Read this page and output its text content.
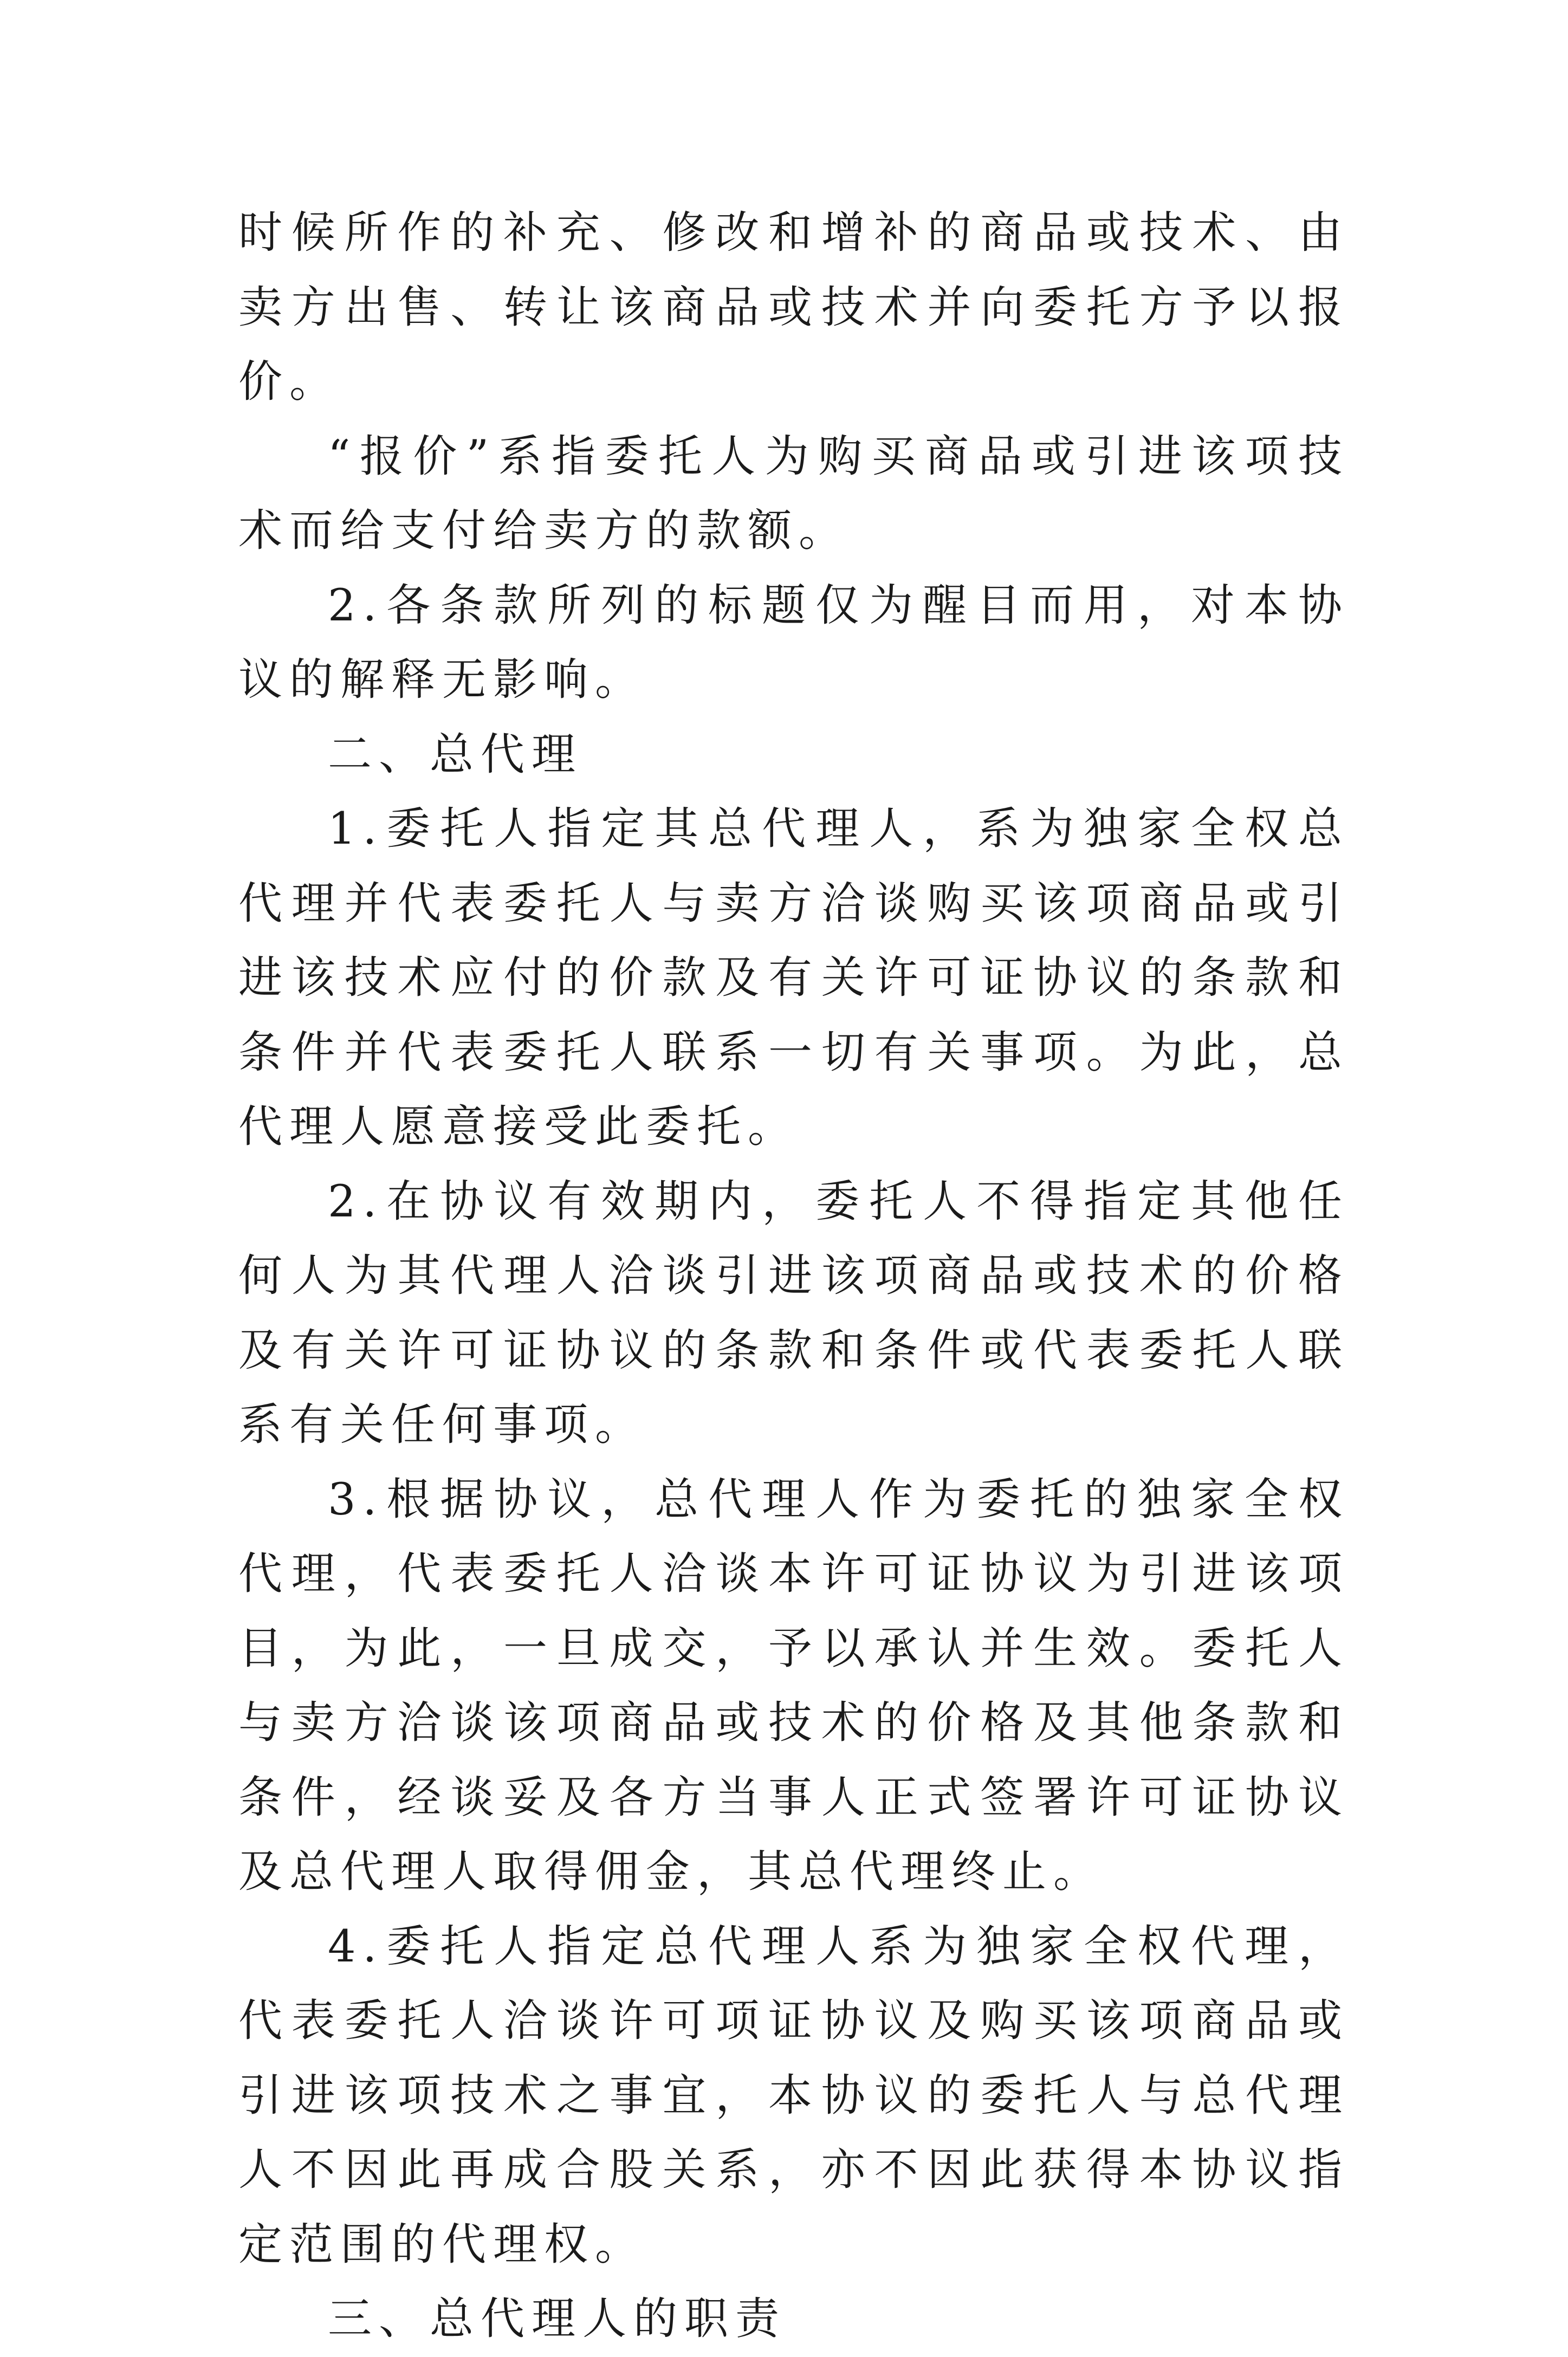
时候所作的补充、修改和增补的商品或技术、由卖方出售、转让该商品或技术并向委托方予以报价。

“报价”系指委托人为购买商品或引进该项技术而给支付给卖方的款额。

2.各条款所列的标题仅为醒目而用，对本协议的解释无影响。

二、总代理

1.委托人指定其总代理人，系为独家全权总代理并代表委托人与卖方洽谈购买该项商品或引进该技术应付的价款及有关许可证协议的条款和条件并代表委托人联系一切有关事项。为此，总代理人愿意接受此委托。

2.在协议有效期内，委托人不得指定其他任何人为其代理人洽谈引进该项商品或技术的价格及有关许可证协议的条款和条件或代表委托人联系有关任何事项。

3.根据协议，总代理人作为委托的独家全权代理，代表委托人洽谈本许可证协议为引进该项目，为此，一旦成交，予以承认并生效。委托人与卖方洽谈该项商品或技术的价格及其他条款和条件，经谈妥及各方当事人正式签署许可证协议及总代理人取得佣金，其总代理终止。

4.委托人指定总代理人系为独家全权代理，代表委托人洽谈许可项证协议及购买该项商品或引进该项技术之事宜，本协议的委托人与总代理人不因此再成合股关系，亦不因此获得本协议指定范围的代理权。

三、总代理人的职责
